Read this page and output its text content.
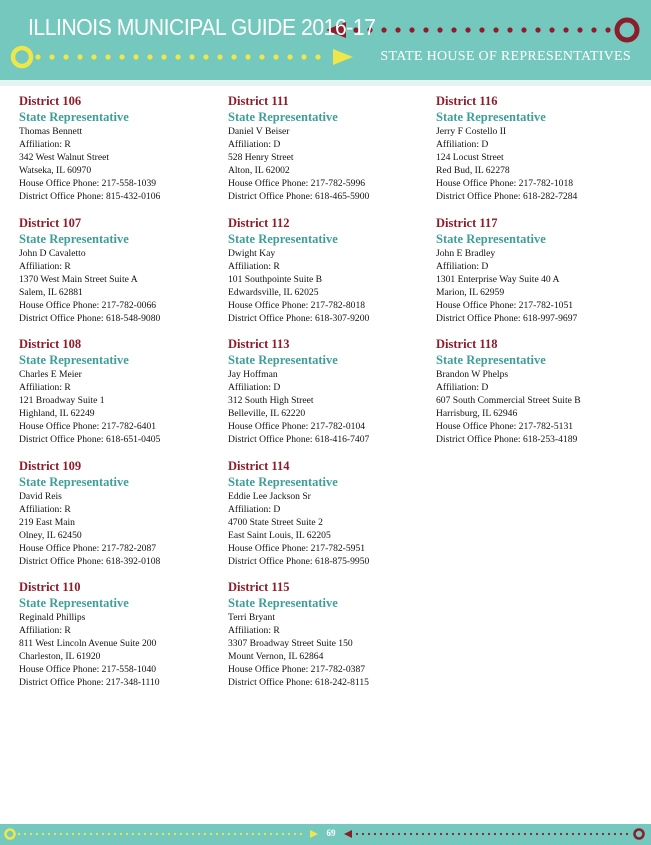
ILLINOIS MUNICIPAL GUIDE 2016-17
STATE HOUSE OF REPRESENTATIVES
District 106
State Representative
Thomas Bennett
Affiliation: R
342 West Walnut Street
Watseka, IL 60970
House Office Phone: 217-558-1039
District Office Phone: 815-432-0106
District 107
State Representative
John D Cavaletto
Affiliation: R
1370 West Main Street Suite A
Salem, IL 62881
House Office Phone: 217-782-0066
District Office Phone: 618-548-9080
District 108
State Representative
Charles E Meier
Affiliation: R
121 Broadway Suite 1
Highland, IL 62249
House Office Phone: 217-782-6401
District Office Phone: 618-651-0405
District 109
State Representative
David Reis
Affiliation: R
219 East Main
Olney, IL 62450
House Office Phone: 217-782-2087
District Office Phone: 618-392-0108
District 110
State Representative
Reginald Phillips
Affiliation: R
811 West Lincoln Avenue Suite 200
Charleston, IL 61920
House Office Phone: 217-558-1040
District Office Phone: 217-348-1110
District 111
State Representative
Daniel V Beiser
Affiliation: D
528 Henry Street
Alton, IL 62002
House Office Phone: 217-782-5996
District Office Phone: 618-465-5900
District 112
State Representative
Dwight Kay
Affiliation: R
101 Southpointe Suite B
Edwardsville, IL 62025
House Office Phone: 217-782-8018
District Office Phone: 618-307-9200
District 113
State Representative
Jay Hoffman
Affiliation: D
312 South High Street
Belleville, IL 62220
House Office Phone: 217-782-0104
District Office Phone: 618-416-7407
District 114
State Representative
Eddie Lee Jackson Sr
Affiliation: D
4700 State Street Suite 2
East Saint Louis, IL 62205
House Office Phone: 217-782-5951
District Office Phone: 618-875-9950
District 115
State Representative
Terri Bryant
Affiliation: R
3307 Broadway Street Suite 150
Mount Vernon, IL 62864
House Office Phone: 217-782-0387
District Office Phone: 618-242-8115
District 116
State Representative
Jerry F Costello II
Affiliation: D
124 Locust Street
Red Bud, IL 62278
House Office Phone: 217-782-1018
District Office Phone: 618-282-7284
District 117
State Representative
John E Bradley
Affiliation: D
1301 Enterprise Way Suite 40 A
Marion, IL 62959
House Office Phone: 217-782-1051
District Office Phone: 618-997-9697
District 118
State Representative
Brandon W Phelps
Affiliation: D
607 South Commercial Street Suite B
Harrisburg, IL 62946
House Office Phone: 217-782-5131
District Office Phone: 618-253-4189
69
